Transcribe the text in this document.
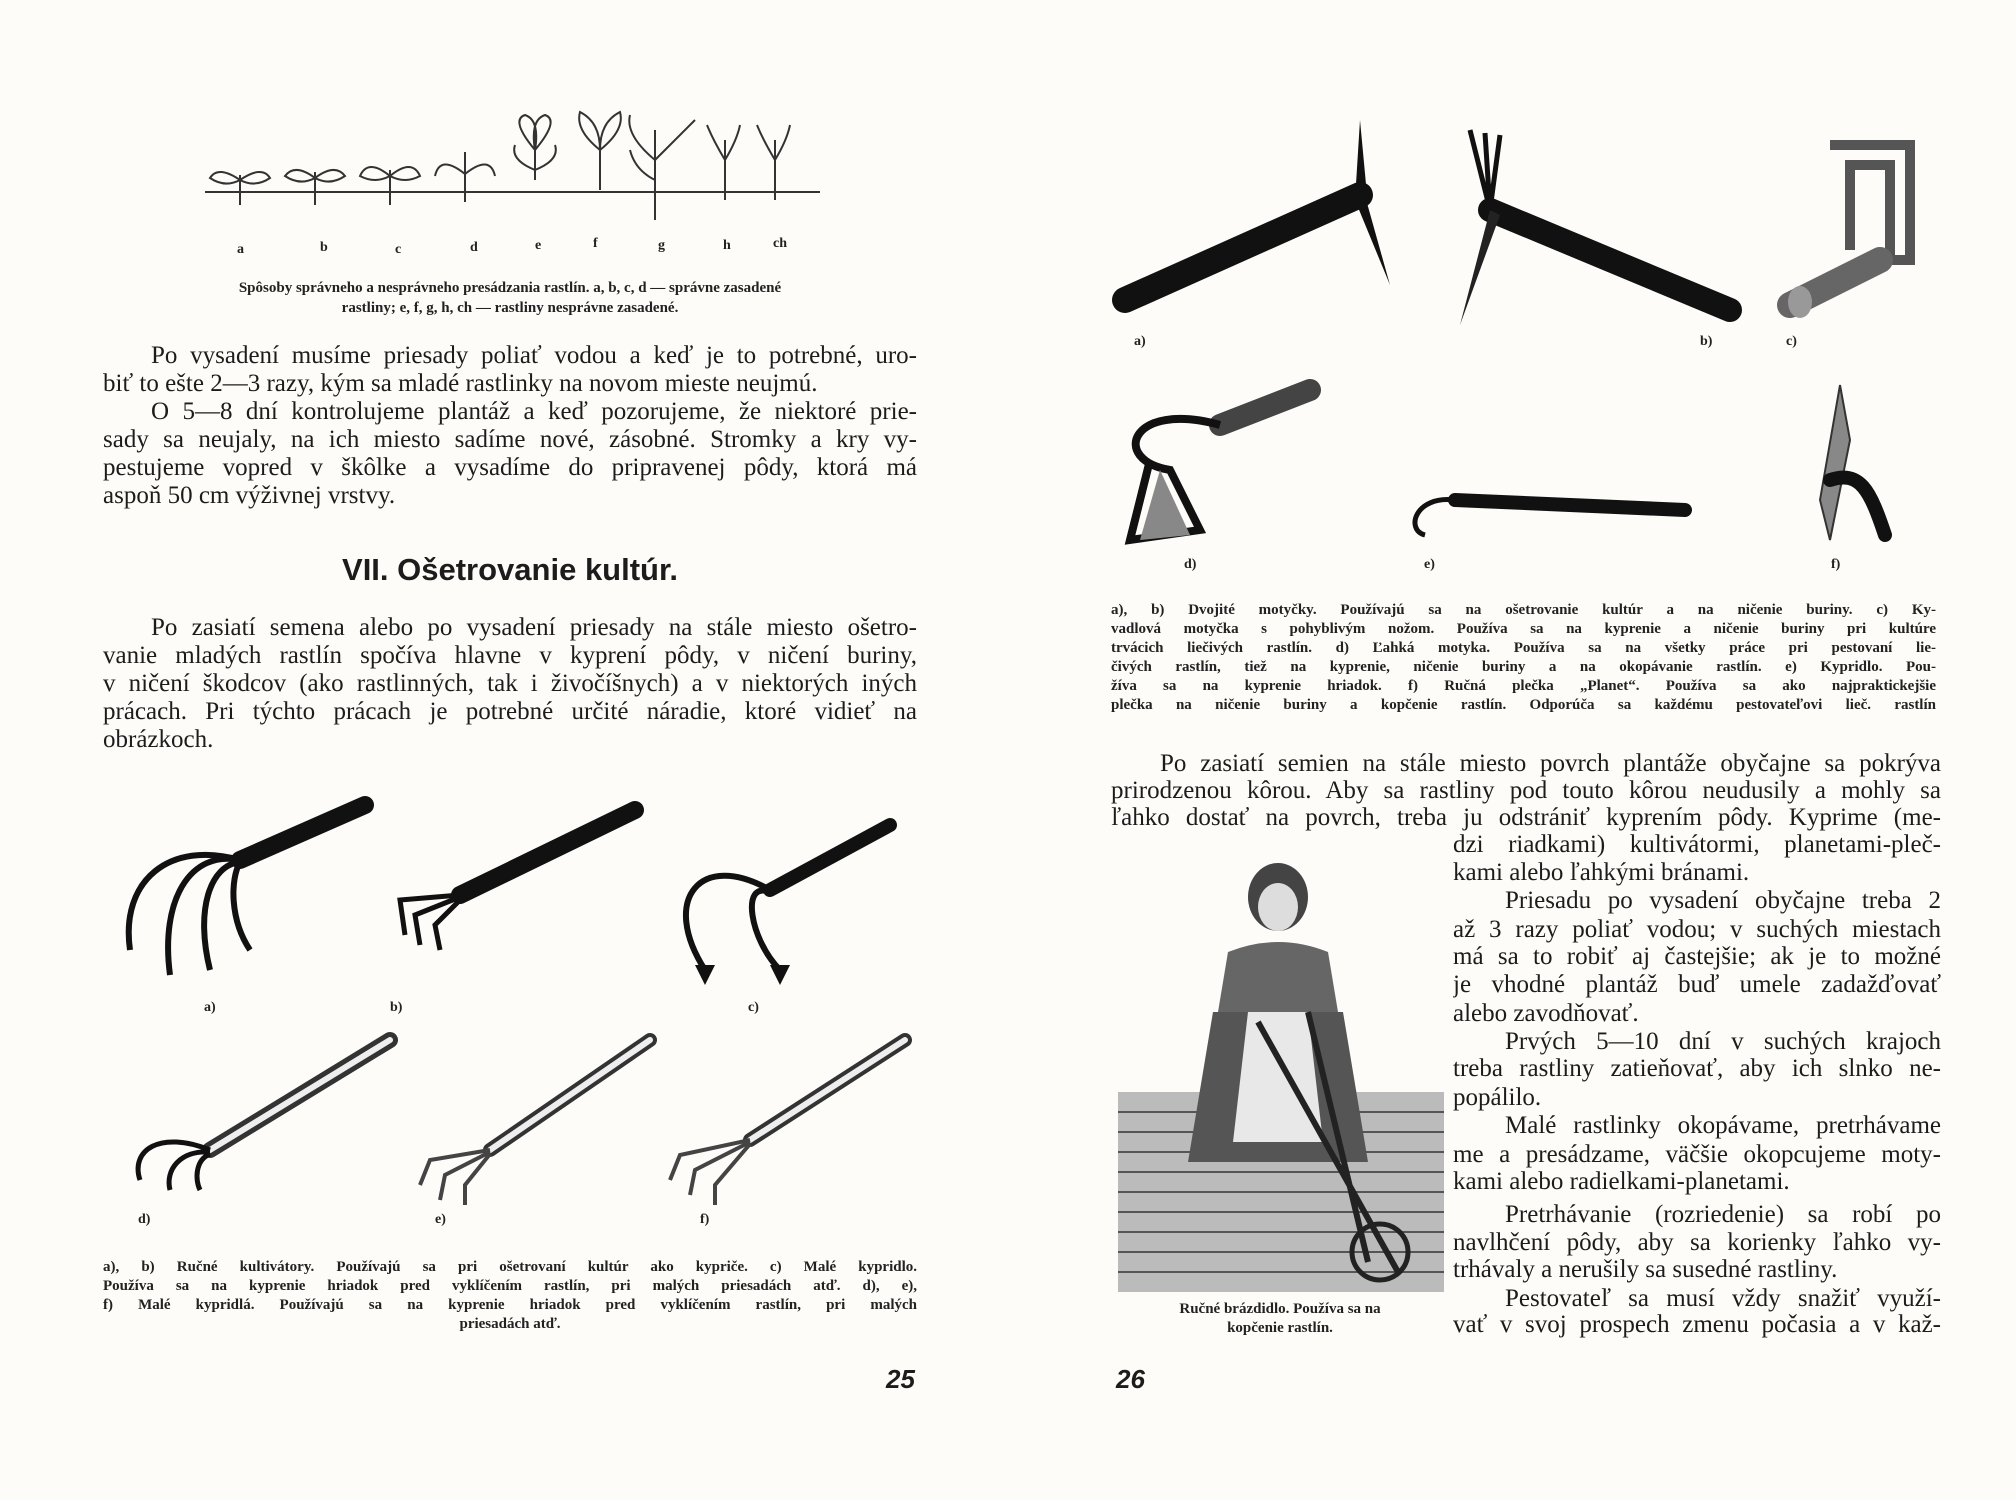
a	b	c	d	e	f	g	h	ch
Spôsoby správneho a nesprávneho presádzania rastlín. a, b, c, d — správne zasadené
rastliny; e, f, g, h, ch — rastliny nesprávne zasadené.
Po vysadení musíme priesady poliať vodou a keď je to potrebné, uro-
biť to ešte 2—3 razy, kým sa mladé rastlinky na novom mieste neujmú.
O 5—8 dní kontrolujeme plantáž a keď pozorujeme, že niektoré prie-
sady sa neujaly, na ich miesto sadíme nové, zásobné. Stromky a kry vy-
pestujeme vopred v škôlke a vysadíme do pripravenej pôdy, ktorá má
aspoň 50 cm výživnej vrstvy.
VII. Ošetrovanie kultúr.
Po zasiatí semena alebo po vysadení priesady na stále miesto ošetro-
vanie mladých rastlín spočíva hlavne v kyprení pôdy, v ničení buriny,
v ničení škodcov (ako rastlinných, tak i živočíšnych) a v niektorých iných
prácach. Pri týchto prácach je potrebné určité náradie, ktoré vidieť na
obrázkoch.
a)	b)	c)
d)	e)	f)
a), b) Ručné kultivátory. Používajú sa pri ošetrovaní kultúr ako kypriče. c) Malé kypridlo.
Používa sa na kyprenie hriadok pred vyklíčením rastlín, pri malých priesadách atď. d), e),
f) Malé kypridlá. Používajú sa na kyprenie hriadok pred vyklíčením rastlín, pri malých
priesadách atď.
25
a)	b)	c)
d)	e)	f)
a), b) Dvojité motyčky. Používajú sa na ošetrovanie kultúr a na ničenie buriny. c) Ky-
vadlová motyčka s pohyblivým nožom. Používa sa na kyprenie a ničenie buriny pri kultúre
trvácich liečivých rastlín. d) Ľahká motyka. Používa sa na všetky práce pri pestovaní lie-
čivých rastlín, tiež na kyprenie, ničenie buriny a na okopávanie rastlín. e) Kypridlo. Pou-
žíva sa na kyprenie hriadok. f) Ručná plečka „Planet“. Používa sa ako najpraktickejšie
plečka na ničenie buriny a kopčenie rastlín. Odporúča sa každému pestovateľovi lieč. rastlín
Po zasiatí semien na stále miesto povrch plantáže obyčajne sa pokrýva
prirodzenou kôrou. Aby sa rastliny pod touto kôrou neudusily a mohly sa
ľahko dostať na povrch, treba ju odstrániť kyprením pôdy. Kyprime (me-
Ručné brázdidlo. Používa sa na
kopčenie rastlín.
dzi riadkami) kultivátormi, planetami-pleč-
kami alebo ľahkými bránami.
Priesadu po vysadení obyčajne treba 2
až 3 razy poliať vodou; v suchých miestach
má sa to robiť aj častejšie; ak je to možné
je vhodné plantáž buď umele zadažďovať
alebo zavodňovať.
Prvých 5—10 dní v suchých krajoch
treba rastliny zatieňovať, aby ich slnko ne-
popálilo.
Malé rastlinky okopávame, pretrhávame
me a presádzame, väčšie okopcujeme moty-
kami alebo radielkami-planetami.
Pretrhávanie (rozriedenie) sa robí po
navlhčení pôdy, aby sa korienky ľahko vy-
trhávaly a nerušily sa susedné rastliny.
Pestovateľ sa musí vždy snažiť využí-
vať v svoj prospech zmenu počasia a v kaž-
26
